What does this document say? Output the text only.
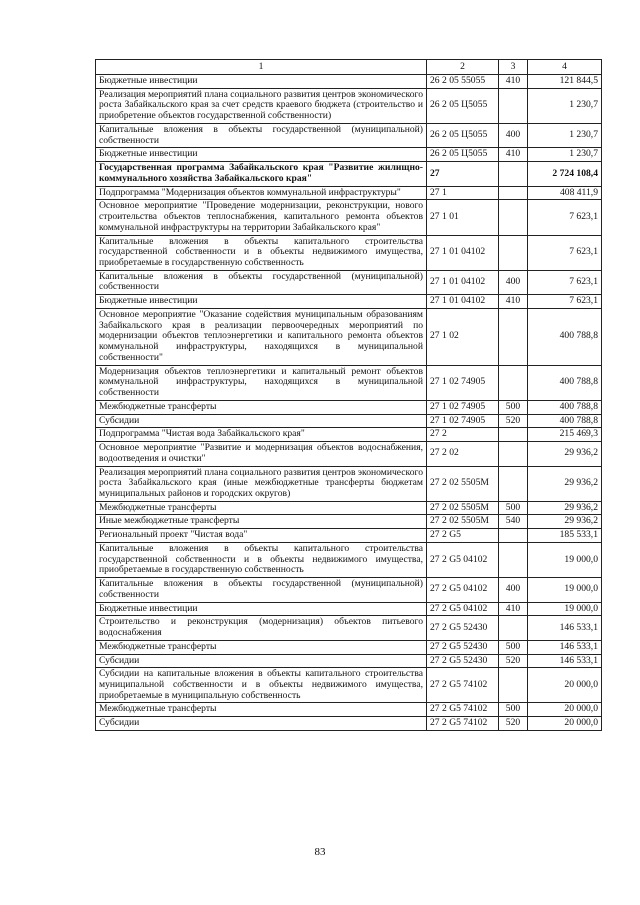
1	2	3	4
Бюджетные инвестиции	26 2 05 55055	410	121 844,5
Реализация мероприятий плана социального развития центров экономического роста Забайкальского края за счет средств краевого бюджета (строительство и приобретение объектов государственной собственности)	26 2 05 Ц5055		1 230,7
Капитальные вложения в объекты государственной (муниципальной) собственности	26 2 05 Ц5055	400	1 230,7
Бюджетные инвестиции	26 2 05 Ц5055	410	1 230,7
Государственная программа Забайкальского края "Развитие жилищно-коммунального хозяйства Забайкальского края"	27		2 724 108,4
Подпрограмма "Модернизация объектов коммунальной инфраструктуры"	27 1		408 411,9
Основное мероприятие "Проведение модернизации, реконструкции, нового строительства объектов теплоснабжения, капитального ремонта объектов коммунальной инфраструктуры на территории Забайкальского края"	27 1 01		7 623,1
Капитальные вложения в объекты капитального строительства государственной собственности и в объекты недвижимого имущества, приобретаемые в государственную собственность	27 1 01 04102		7 623,1
Капитальные вложения в объекты государственной (муниципальной) собственности	27 1 01 04102	400	7 623,1
Бюджетные инвестиции	27 1 01 04102	410	7 623,1
Основное мероприятие "Оказание содействия муниципальным образованиям Забайкальского края в реализации первоочередных мероприятий по модернизации объектов теплоэнергетики и капитального ремонта объектов коммунальной инфраструктуры, находящихся в муниципальной собственности"	27 1 02		400 788,8
Модернизация объектов теплоэнергетики и капитальный ремонт объектов коммунальной инфраструктуры, находящихся в муниципальной собственности	27 1 02 74905		400 788,8
Межбюджетные трансферты	27 1 02 74905	500	400 788,8
Субсидии	27 1 02 74905	520	400 788,8
Подпрограмма "Чистая вода Забайкальского края"	27 2		215 469,3
Основное мероприятие "Развитие и модернизация объектов водоснабжения, водоотведения и очистки"	27 2 02		29 936,2
Реализация мероприятий плана социального развития центров экономического роста Забайкальского края (иные межбюджетные трансферты бюджетам муниципальных районов и городских округов)	27 2 02 5505М		29 936,2
Межбюджетные трансферты	27 2 02 5505М	500	29 936,2
Иные межбюджетные трансферты	27 2 02 5505М	540	29 936,2
Региональный проект "Чистая вода"	27 2 G5		185 533,1
Капитальные вложения в объекты капитального строительства государственной собственности и в объекты недвижимого имущества, приобретаемые в государственную собственность	27 2 G5 04102		19 000,0
Капитальные вложения в объекты государственной (муниципальной) собственности	27 2 G5 04102	400	19 000,0
Бюджетные инвестиции	27 2 G5 04102	410	19 000,0
Строительство и реконструкция (модернизация) объектов питьевого водоснабжения	27 2 G5 52430		146 533,1
Межбюджетные трансферты	27 2 G5 52430	500	146 533,1
Субсидии	27 2 G5 52430	520	146 533,1
Субсидии на капитальные вложения в объекты капитального строительства муниципальной собственности и в объекты недвижимого имущества, приобретаемые в муниципальную собственность	27 2 G5 74102		20 000,0
Межбюджетные трансферты	27 2 G5 74102	500	20 000,0
Субсидии	27 2 G5 74102	520	20 000,0
83
